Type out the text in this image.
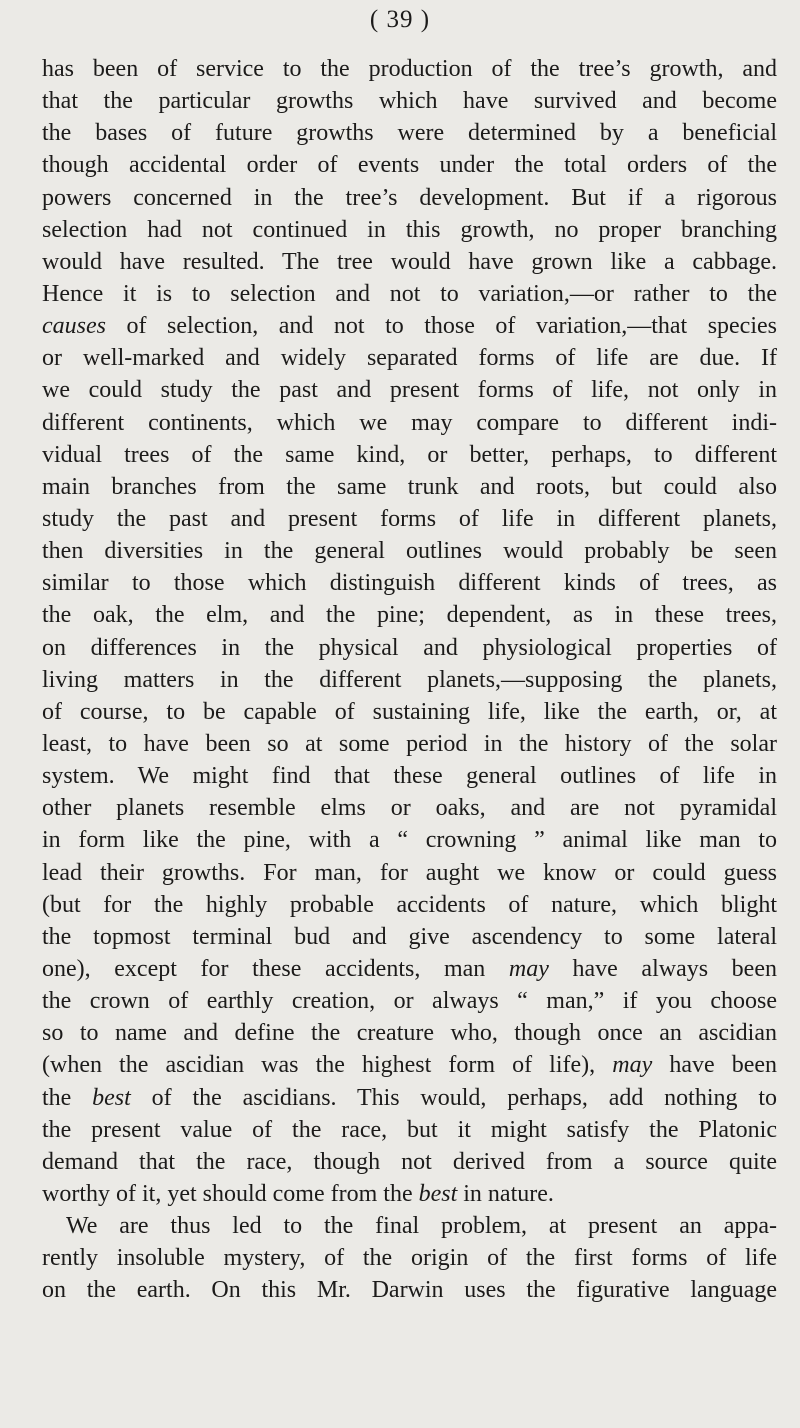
( 39 )
has been of service to the production of the tree’s growth, and
that the particular growths which have survived and become
the bases of future growths were determined by a beneficial
though accidental order of events under the total orders of the
powers concerned in the tree’s development. But if a rigorous
selection had not continued in this growth, no proper branching
would have resulted. The tree would have grown like a cabbage.
Hence it is to selection and not to variation,—or rather to the
causes of selection, and not to those of variation,—that species
or well-marked and widely separated forms of life are due. If
we could study the past and present forms of life, not only in
different continents, which we may compare to different indi-
vidual trees of the same kind, or better, perhaps, to different
main branches from the same trunk and roots, but could also
study the past and present forms of life in different planets,
then diversities in the general outlines would probably be seen
similar to those which distinguish different kinds of trees, as
the oak, the elm, and the pine; dependent, as in these trees,
on differences in the physical and physiological properties of
living matters in the different planets,—supposing the planets,
of course, to be capable of sustaining life, like the earth, or, at
least, to have been so at some period in the history of the solar
system. We might find that these general outlines of life in
other planets resemble elms or oaks, and are not pyramidal
in form like the pine, with a “ crowning ” animal like man to
lead their growths. For man, for aught we know or could guess
(but for the highly probable accidents of nature, which blight
the topmost terminal bud and give ascendency to some lateral
one), except for these accidents, man may have always been
the crown of earthly creation, or always “ man,” if you choose
so to name and define the creature who, though once an ascidian
(when the ascidian was the highest form of life), may have been
the best of the ascidians. This would, perhaps, add nothing to
the present value of the race, but it might satisfy the Platonic
demand that the race, though not derived from a source quite
worthy of it, yet should come from the best in nature.
We are thus led to the final problem, at present an appa-
rently insoluble mystery, of the origin of the first forms of life
on the earth. On this Mr. Darwin uses the figurative language
